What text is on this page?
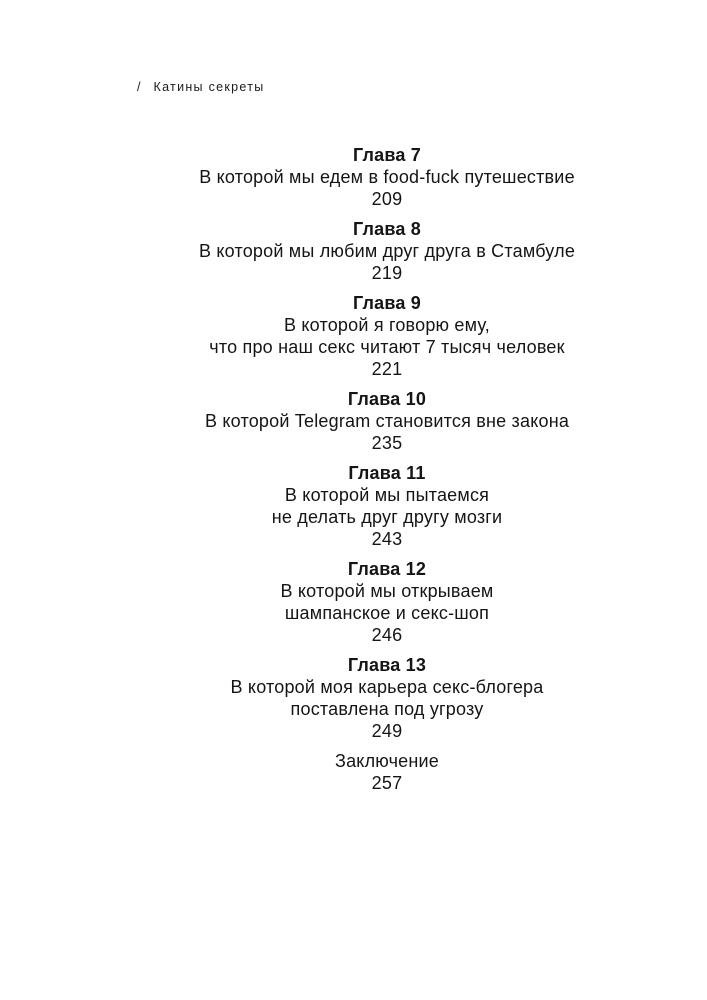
/ Катины секреты
Глава 7
В которой мы едем в food-fuck путешествие
209
Глава 8
В которой мы любим друг друга в Стамбуле
219
Глава 9
В которой я говорю ему,
что про наш секс читают 7 тысяч человек
221
Глава 10
В которой Telegram становится вне закона
235
Глава 11
В которой мы пытаемся
не делать друг другу мозги
243
Глава 12
В которой мы открываем
шампанское и секс-шоп
246
Глава 13
В которой моя карьера секс-блогера
поставлена под угрозу
249
Заключение
257
